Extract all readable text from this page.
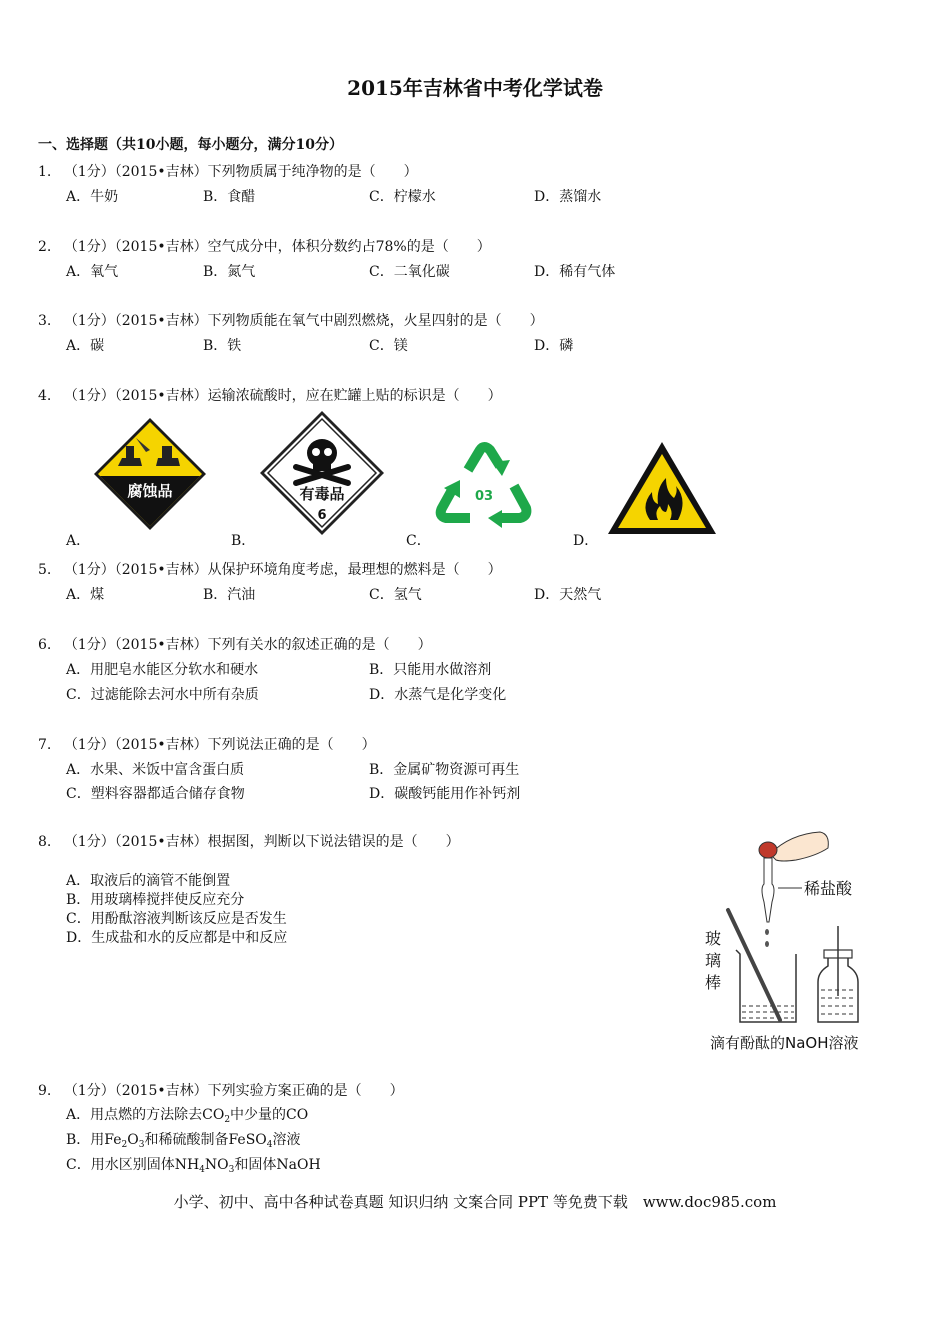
2015年吉林省中考化学试卷
一、选择题（共10小题，每小题分，满分10分）
1. （1分）（2015•吉林）下列物质属于纯净物的是（　　）
A．牛奶	B．食醋	C．柠檬水	D．蒸馏水
2. （1分）（2015•吉林）空气成分中，体积分数约占78%的是（　　）
A．氧气	B．氮气	C．二氧化碳	D．稀有气体
3. （1分）（2015•吉林）下列物质能在氧气中剧烈燃烧，火星四射的是（　　）
A．碳	B．铁	C．镁	D．磷
4. （1分）（2015•吉林）运输浓硫酸时，应在贮罐上贴的标识是（　　）
腐蚀品	有毒品
6
03
A．	B．	C．	D．
5. （1分）（2015•吉林）从保护环境角度考虑，最理想的燃料是（　　）
A．煤	B．汽油	C．氢气	D．天然气
6. （1分）（2015•吉林）下列有关水的叙述正确的是（　　）
A．用肥皂水能区分软水和硬水	B．只能用水做溶剂
C．过滤能除去河水中所有杂质	D．水蒸气是化学变化
7. （1分）（2015•吉林）下列说法正确的是（　　）
A．水果、米饭中富含蛋白质	B．金属矿物资源可再生
C．塑料容器都适合储存食物	D．碳酸钙能用作补钙剂
8. （1分）（2015•吉林）根据图，判断以下说法错误的是（　　）
A．取液后的滴管不能倒置
B．用玻璃棒搅拌使反应充分
C．用酚酞溶液判断该反应是否发生
D．生成盐和水的反应都是中和反应
稀盐酸
玻
璃
棒
滴有酚酞的NaOH溶液
9. （1分）（2015•吉林）下列实验方案正确的是（　　）
A．用点燃的方法除去$CO_2$中少量的CO
B．用$Fe_2O_3$和稀硫酸制备FeSO$_4$溶液
C．用水区别固体$NH_4NO_3$和固体NaOH
小学、初中、高中各种试卷真题 知识归纳 文案合同 PPT 等免费下载　www.doc985.com
